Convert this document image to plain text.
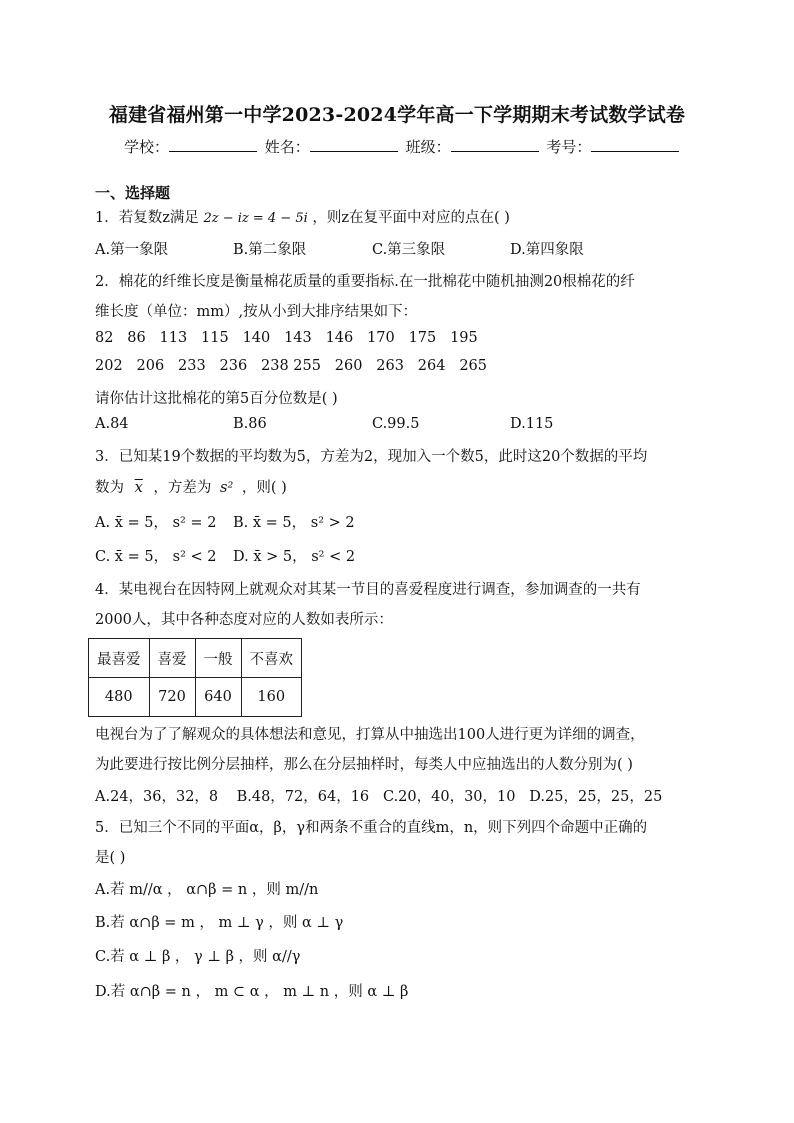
福建省福州第一中学2023-2024学年高一下学期期末考试数学试卷
学校：	姓名：	班级：	考号：
一、选择题
1．若复数z满足 2z − iz = 4 − 5i ，则z在复平面中对应的点在( )
A.第一象限	B.第二象限	C.第三象限	D.第四象限
2．棉花的纤维长度是衡量棉花质量的重要指标.在一批棉花中随机抽测20根棉花的纤
维长度（单位：mm）,按从小到大排序结果如下：
82   86   113   115   140   143   146   170   175   195
202   206   233   236   238 255   260   263   264   265
请你估计这批棉花的第5百分位数是( )
A.84	B.86	C.99.5	D.115
3．已知某19个数据的平均数为5，方差为2，现加入一个数5，此时这20个数据的平均
数为 $\overline{x}$ ，方差为 s² ，则( )
A. x̄ = 5， s² = 2 B. x̄ = 5， s² > 2
C. x̄ = 5， s² < 2 D. x̄ > 5， s² < 2
4．某电视台在因特网上就观众对其某一节目的喜爱程度进行调查，参加调查的一共有
2000人，其中各种态度对应的人数如表所示：
最喜爱	喜爱	一般	不喜欢
480	720	640	160
电视台为了了解观众的具体想法和意见，打算从中抽选出100人进行更为详细的调查，
为此要进行按比例分层抽样，那么在分层抽样时，每类人中应抽选出的人数分别为( )
A.24，36，32，8    B.48，72，64，16   C.20，40，30，10   D.25，25，25，25
5．已知三个不同的平面α，β，γ和两条不重合的直线m，n，则下列四个命题中正确的
是( )
A.若 m//α ， α∩β = n ，则 m//n
B.若 α∩β = m ， m ⊥ γ ，则 α ⊥ γ
C.若 α ⊥ β ， γ ⊥ β ，则 α//γ
D.若 α∩β = n ， m ⊂ α ， m ⊥ n ，则 α ⊥ β
